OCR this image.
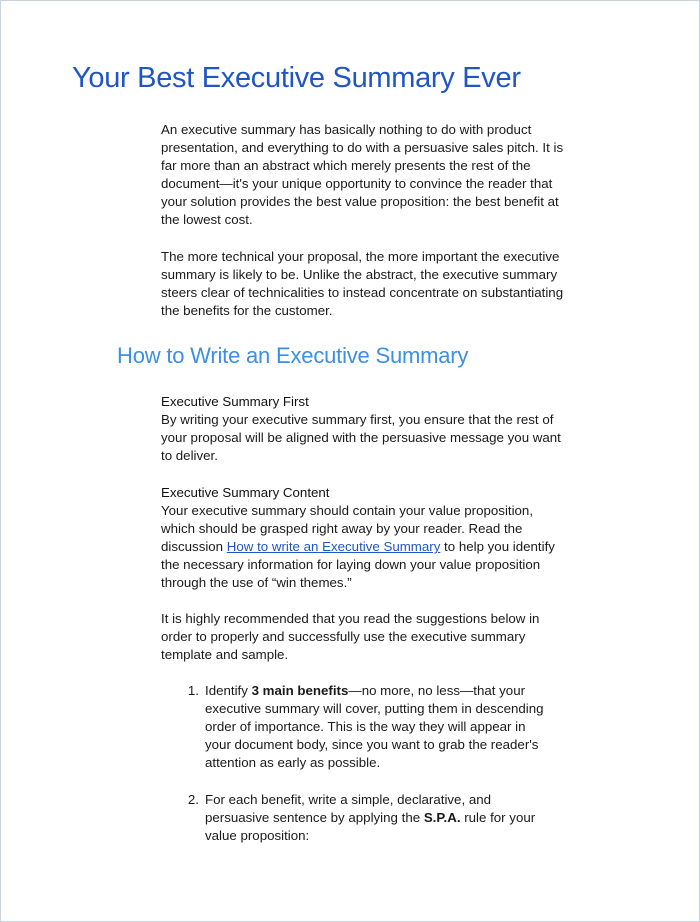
Your Best Executive Summary Ever

An executive summary has basically nothing to do with product presentation, and everything to do with a persuasive sales pitch. It is far more than an abstract which merely presents the rest of the document—it's your unique opportunity to convince the reader that your solution provides the best value proposition: the best benefit at the lowest cost.

The more technical your proposal, the more important the executive summary is likely to be. Unlike the abstract, the executive summary steers clear of technicalities to instead concentrate on substantiating the benefits for the customer.

How to Write an Executive Summary
Executive Summary First
By writing your executive summary first, you ensure that the rest of your proposal will be aligned with the persuasive message you want to deliver.
Executive Summary Content
Your executive summary should contain your value proposition, which should be grasped right away by your reader. Read the discussion How to write an Executive Summary to help you identify the necessary information for laying down your value proposition through the use of “win themes.”

It is highly recommended that you read the suggestions below in order to properly and successfully use the executive summary template and sample.

1. Identify 3 main benefits—no more, no less—that your executive summary will cover, putting them in descending order of importance. This is the way they will appear in your document body, since you want to grab the reader's attention as early as possible.
2. For each benefit, write a simple, declarative, and persuasive sentence by applying the S.P.A. rule for your value proposition:
